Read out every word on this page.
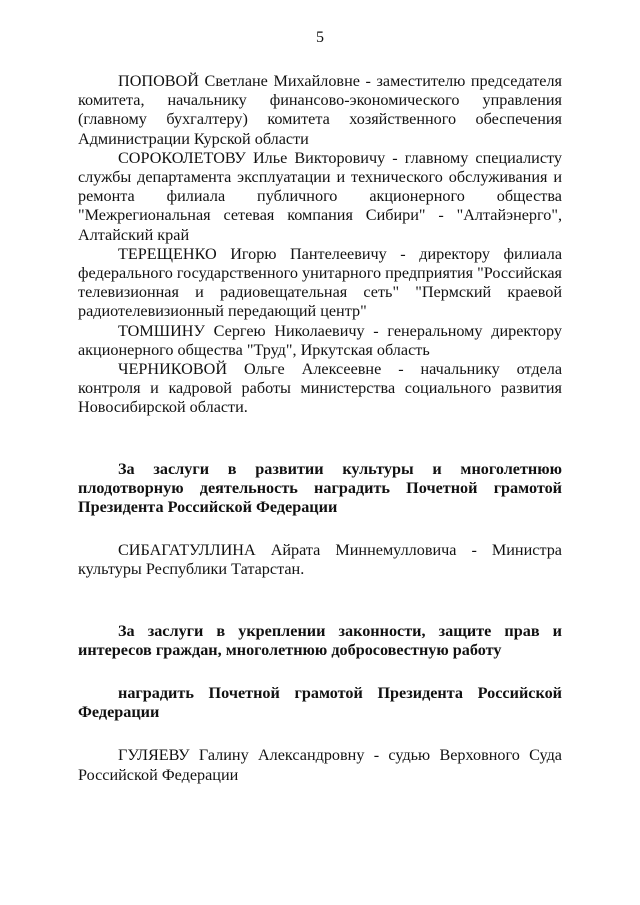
5

ПОПОВОЙ Светлане Михайловне - заместителю председателя комитета, начальнику финансово-экономического управления (главному бухгалтеру) комитета хозяйственного обеспечения Администрации Курской области

СОРОКОЛЕТОВУ Илье Викторовичу - главному специалисту службы департамента эксплуатации и технического обслуживания и ремонта филиала публичного акционерного общества "Межрегиональная сетевая компания Сибири" - "Алтайэнерго", Алтайский край

ТЕРЕЩЕНКО Игорю Пантелеевичу - директору филиала федерального государственного унитарного предприятия "Российская телевизионная и радиовещательная сеть" "Пермский краевой радиотелевизионный передающий центр"

ТОМШИНУ Сергею Николаевичу - генеральному директору акционерного общества "Труд", Иркутская область

ЧЕРНИКОВОЙ Ольге Алексеевне - начальнику отдела контроля и кадровой работы министерства социального развития Новосибирской области.

За заслуги в развитии культуры и многолетнюю плодотворную деятельность наградить Почетной грамотой Президента Российской Федерации

СИБАГАТУЛЛИНА Айрата Миннемулловича - Министра культуры Республики Татарстан.

За заслуги в укреплении законности, защите прав и интересов граждан, многолетнюю добросовестную работу

наградить Почетной грамотой Президента Российской Федерации

ГУЛЯЕВУ Галину Александровну - судью Верховного Суда Российской Федерации
